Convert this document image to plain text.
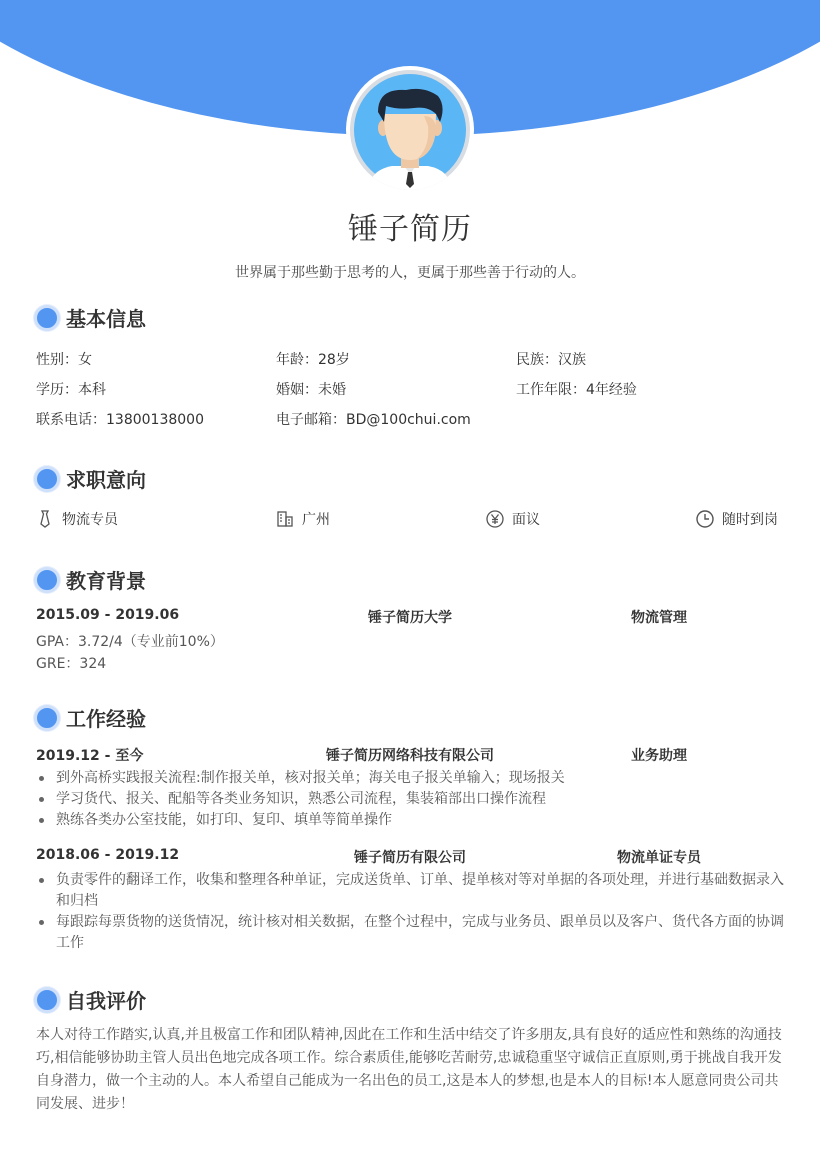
锤子简历
世界属于那些勤于思考的人，更属于那些善于行动的人。
基本信息
性别：女	年龄：28岁	民族：汉族
学历：本科	婚姻：未婚	工作年限：4年经验
联系电话：13800138000	电子邮箱：BD@100chui.com
求职意向
物流专员	广州	面议	随时到岗
教育背景
2015.09 - 2019.06	锤子简历大学	物流管理
GPA：3.72/4（专业前10%）
GRE：324
工作经验
2019.12 - 至今	锤子简历网络科技有限公司	业务助理
到外高桥实践报关流程:制作报关单，核对报关单；海关电子报关单输入；现场报关
学习货代、报关、配船等各类业务知识，熟悉公司流程，集装箱部出口操作流程
熟练各类办公室技能，如打印、复印、填单等简单操作
2018.06 - 2019.12	锤子简历有限公司	物流单证专员
负责零件的翻译工作，收集和整理各种单证，完成送货单、订单、提单核对等对单据的各项处理，并进行基础数据录入和归档
每跟踪每票货物的送货情况，统计核对相关数据，在整个过程中，完成与业务员、跟单员以及客户、货代各方面的协调工作
自我评价
本人对待工作踏实,认真,并且极富工作和团队精神,因此在工作和生活中结交了许多朋友,具有良好的适应性和熟练的沟通技巧,相信能够协助主管人员出色地完成各项工作。综合素质佳,能够吃苦耐劳,忠诚稳重坚守诚信正直原则,勇于挑战自我开发自身潜力，做一个主动的人。本人希望自己能成为一名出色的员工,这是本人的梦想,也是本人的目标!本人愿意同贵公司共同发展、进步！
